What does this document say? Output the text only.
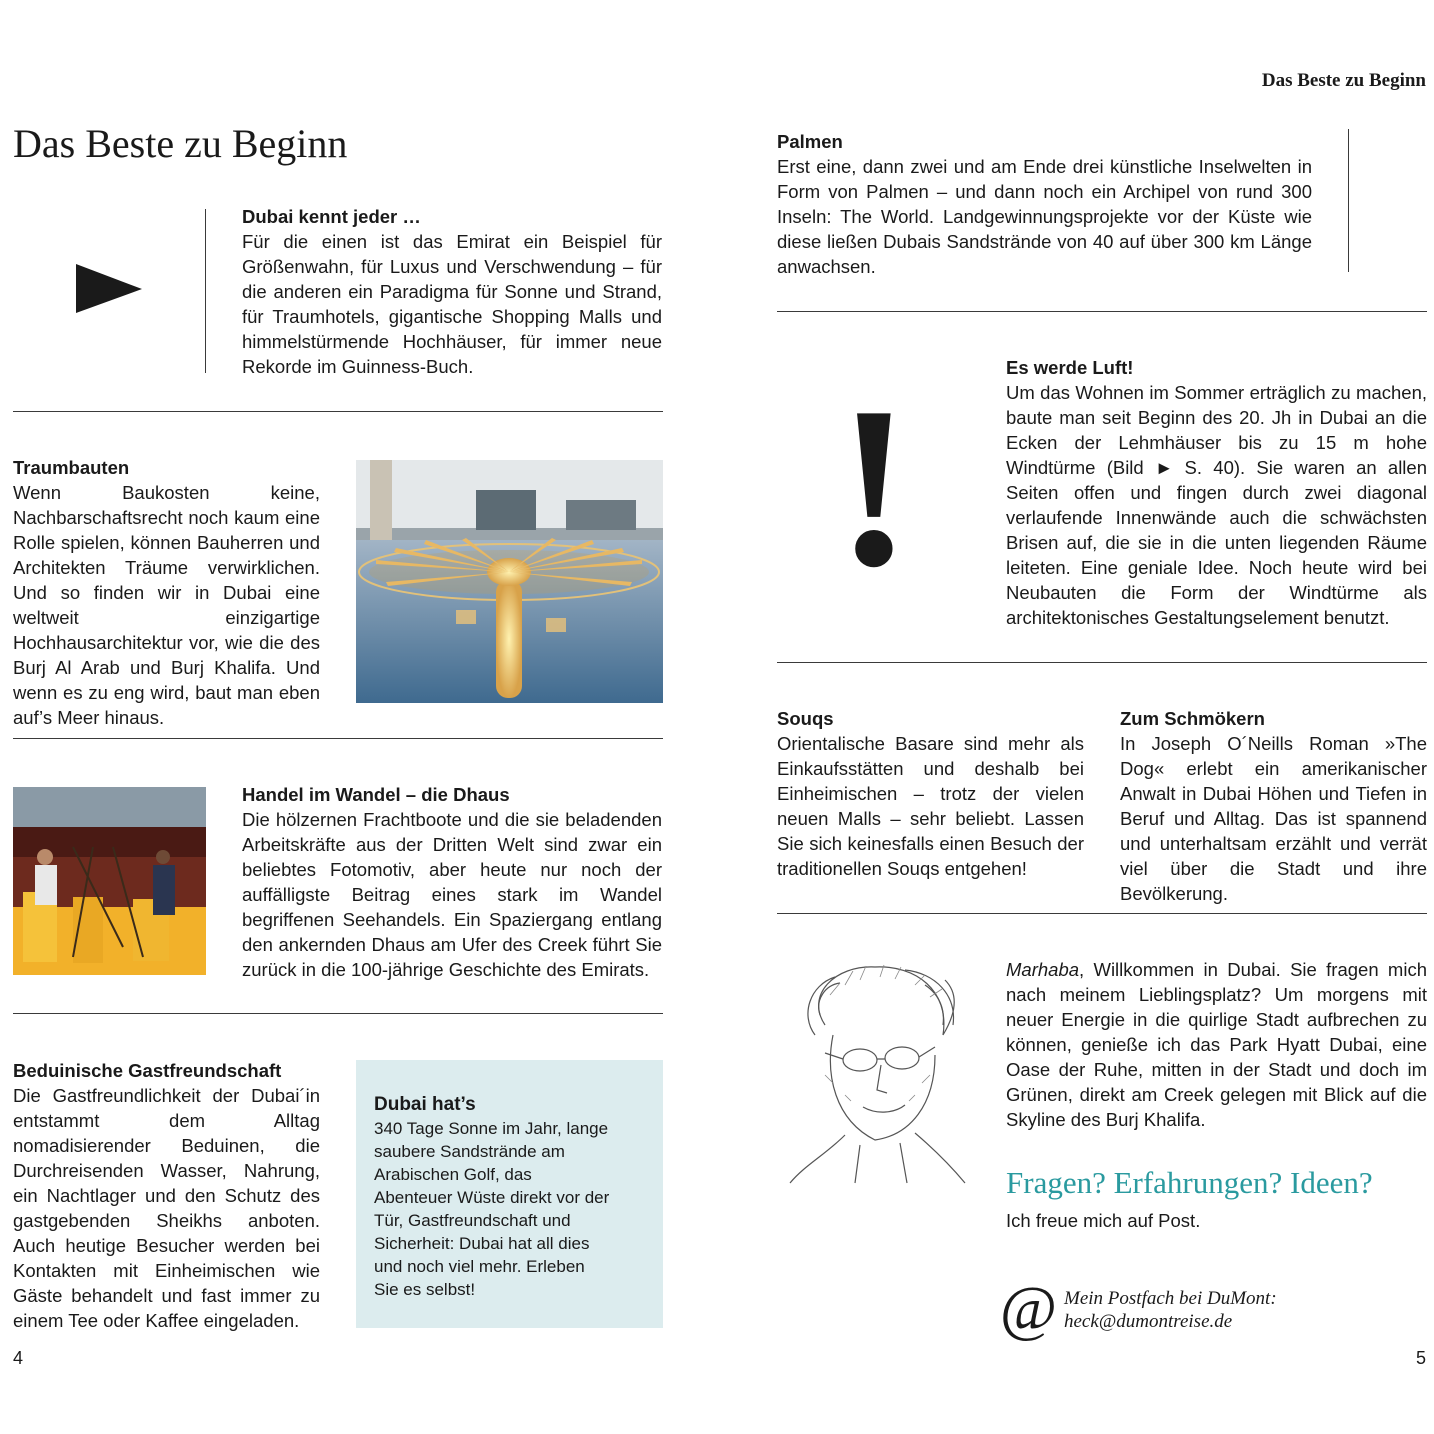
Das Beste zu Beginn
Das Beste zu Beginn
Dubai kennt jeder …
Für die einen ist das Emirat ein Beispiel für Größenwahn, für Luxus und Verschwendung – für die anderen ein Paradigma für Sonne und Strand, für Traumhotels, gigantische Shopping Malls und himmelstürmende Hochhäuser, für immer neue Rekorde im Guinness-Buch.
Traumbauten
Wenn Baukosten keine, Nachbarschaftsrecht noch kaum eine Rolle spielen, können Bauherren und Architekten Träume verwirklichen. Und so finden wir in Dubai eine weltweit einzigartige Hochhausarchitektur vor, wie die des Burj Al Arab und Burj Khalifa. Und wenn es zu eng wird, baut man eben auf’s Meer hinaus.
Handel im Wandel – die Dhaus
Die hölzernen Frachtboote und die sie beladenden Arbeitskräfte aus der Dritten Welt sind zwar ein beliebtes Fotomotiv, aber heute nur noch der auffälligste Beitrag eines stark im Wandel begriffenen Seehandels. Ein Spaziergang entlang den ankernden Dhaus am Ufer des Creek führt Sie zurück in die 100-jährige Geschichte des Emirats.
Beduinische Gastfreundschaft
Die Gastfreundlichkeit der Dubai´in entstammt dem Alltag nomadisierender Beduinen, die Durchreisenden Wasser, Nahrung, ein Nachtlager und den Schutz des gastgebenden Sheikhs anboten. Auch heutige Besucher werden bei Kontakten mit Einheimischen wie Gäste behandelt und fast immer zu einem Tee oder Kaffee eingeladen.
Dubai hat’s
340 Tage Sonne im Jahr, lange saubere Sandstrände am Arabischen Golf, das Abenteuer Wüste direkt vor der Tür, Gastfreundschaft und Sicherheit: Dubai hat all dies und noch viel mehr. Erleben Sie es selbst!
4
Palmen
Erst eine, dann zwei und am Ende drei künstliche Inselwelten in Form von Palmen – und dann noch ein Archipel von rund 300 Inseln: The World. Landgewinnungsprojekte vor der Küste wie diese ließen Dubais Sandstrände von 40 auf über 300 km Länge anwachsen.
!	Es werde Luft!
Um das Wohnen im Sommer erträglich zu machen, baute man seit Beginn des 20. Jh in Dubai an die Ecken der Lehmhäuser bis zu 15 m hohe Windtürme (Bild ► S. 40). Sie waren an allen Seiten offen und fingen durch zwei diagonal verlaufende Innenwände auch die schwächsten Brisen auf, die sie in die unten liegenden Räume leiteten. Eine geniale Idee. Noch heute wird bei Neubauten die Form der Windtürme als architektonisches Gestaltungselement benutzt.
Souqs
Orientalische Basare sind mehr als Einkaufsstätten und deshalb bei Einheimischen – trotz der vielen neuen Malls – sehr beliebt. Lassen Sie sich keinesfalls einen Besuch der traditionellen Souqs entgehen!
Zum Schmökern
In Joseph O´Neills Roman »The Dog« erlebt ein amerikanischer Anwalt in Dubai Höhen und Tiefen in Beruf und Alltag. Das ist spannend und unterhaltsam erzählt und verrät viel über die Stadt und ihre Bevölkerung.
Marhaba, Willkommen in Dubai. Sie fragen mich nach meinem Lieblingsplatz? Um morgens mit neuer Energie in die quirlige Stadt aufbrechen zu können, genieße ich das Park Hyatt Dubai, eine Oase der Ruhe, mitten in der Stadt und doch im Grünen, direkt am Creek gelegen mit Blick auf die Skyline des Burj Khalifa.
Fragen? Erfahrungen? Ideen?
Ich freue mich auf Post.
@ Mein Postfach bei DuMont:
heck@dumontreise.de
5
